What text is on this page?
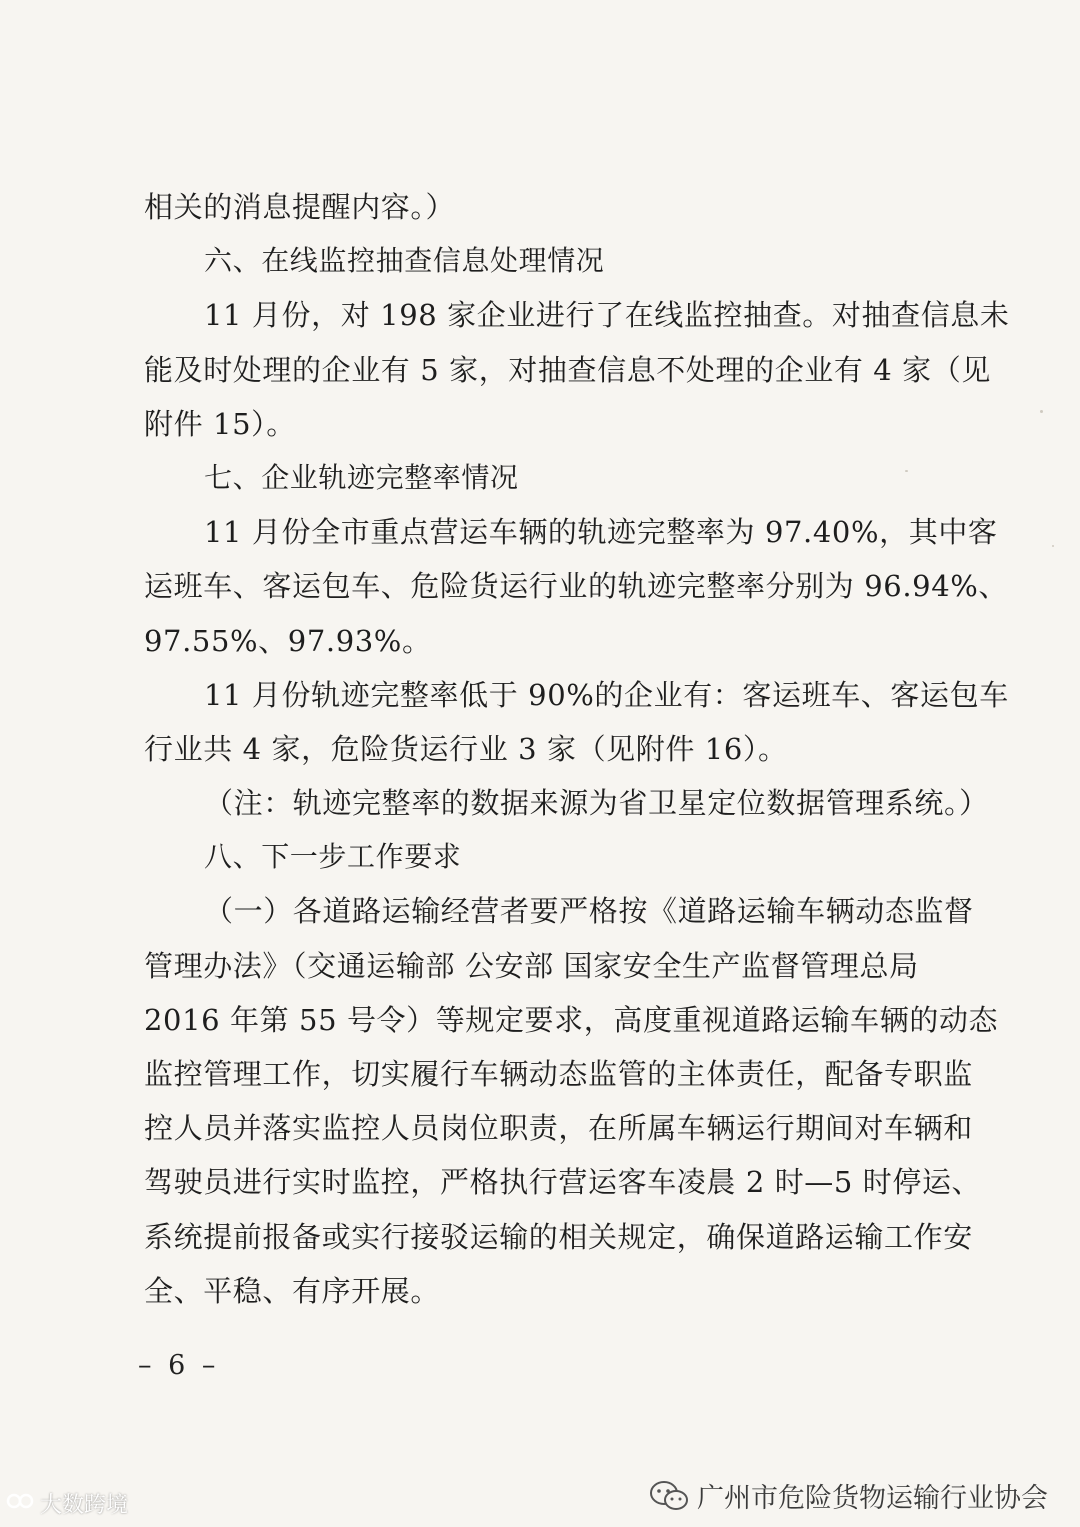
相关的消息提醒内容。）
六、在线监控抽查信息处理情况
11 月份，对 198 家企业进行了在线监控抽查。对抽查信息未
能及时处理的企业有 5 家，对抽查信息不处理的企业有 4 家（见
附件 15）。
七、企业轨迹完整率情况
11 月份全市重点营运车辆的轨迹完整率为 97.40%，其中客
运班车、客运包车、危险货运行业的轨迹完整率分别为 96.94%、
97.55%、97.93%。
11 月份轨迹完整率低于 90%的企业有：客运班车、客运包车
行业共 4 家，危险货运行业 3 家（见附件 16）。
（注：轨迹完整率的数据来源为省卫星定位数据管理系统。）
八、下一步工作要求
（一）各道路运输经营者要严格按《道路运输车辆动态监督
管理办法》（交通运输部 公安部 国家安全生产监督管理总局
2016 年第 55 号令）等规定要求，高度重视道路运输车辆的动态
监控管理工作，切实履行车辆动态监管的主体责任，配备专职监
控人员并落实监控人员岗位职责，在所属车辆运行期间对车辆和
驾驶员进行实时监控，严格执行营运客车凌晨 2 时—5 时停运、
系统提前报备或实行接驳运输的相关规定，确保道路运输工作安
全、平稳、有序开展。
– 6 –
广州市危险货物运输行业协会
大数跨境
